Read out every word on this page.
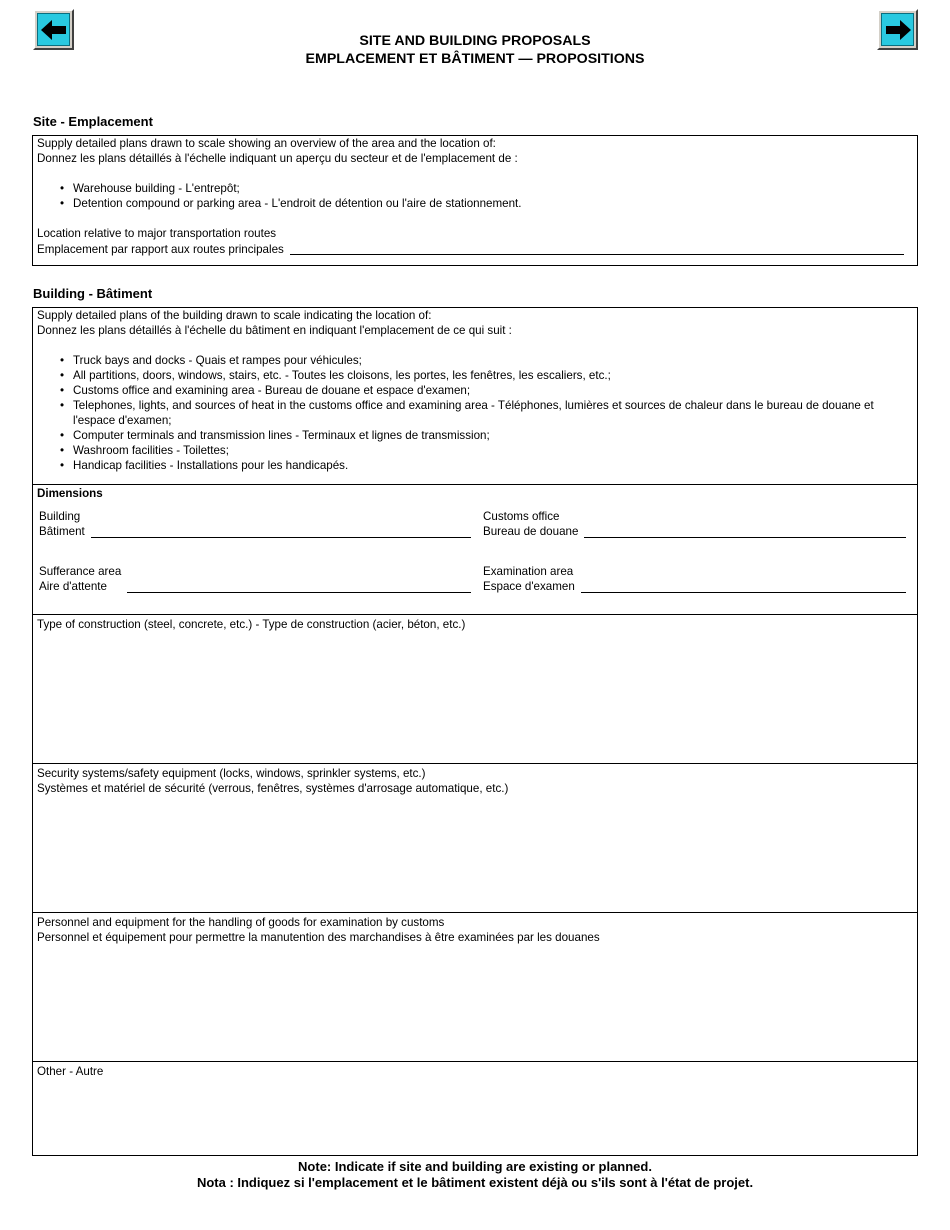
SITE AND BUILDING PROPOSALS
EMPLACEMENT ET BÂTIMENT — PROPOSITIONS
Site - Emplacement

Supply detailed plans drawn to scale showing an overview of the area and the location of:

Donnez les plans détaillés à l'échelle indiquant un aperçu du secteur et de l'emplacement de :

• Warehouse building - L'entrepôt;
• Detention compound or parking area - L'endroit de détention ou l'aire de stationnement.

Location relative to major transportation routes

Emplacement par rapport aux routes principales
Building - Bâtiment

Supply detailed plans of the building drawn to scale indicating the location of:

Donnez les plans détaillés à l'échelle du bâtiment en indiquant l'emplacement de ce qui suit :

• Truck bays and docks - Quais et rampes pour véhicules;
• All partitions, doors, windows, stairs, etc. - Toutes les cloisons, les portes, les fenêtres, les escaliers, etc.;
• Customs office and examining area - Bureau de douane et espace d'examen;
• Telephones, lights, and sources of heat in the customs office and examining area - Téléphones, lumières et sources de chaleur dans le bureau de douane et l'espace d'examen;
• Computer terminals and transmission lines - Terminaux et lignes de transmission;
• Washroom facilities - Toilettes;
• Handicap facilities - Installations pour les handicapés.
Dimensions
Building
Bâtiment
Customs office
Bureau de douane
Sufferance area
Aire d'attente
Examination area
Espace d'examen
Type of construction (steel, concrete, etc.) - Type de construction (acier, béton, etc.)
Security systems/safety equipment (locks, windows, sprinkler systems, etc.)
Systèmes et matériel de sécurité (verrous, fenêtres, systèmes d'arrosage automatique, etc.)
Personnel and equipment for the handling of goods for examination by customs
Personnel et équipement pour permettre la manutention des marchandises à être examinées par les douanes
Other - Autre
Note: Indicate if site and building are existing or planned.
Nota : Indiquez si l'emplacement et le bâtiment existent déjà ou s'ils sont à l'état de projet.
